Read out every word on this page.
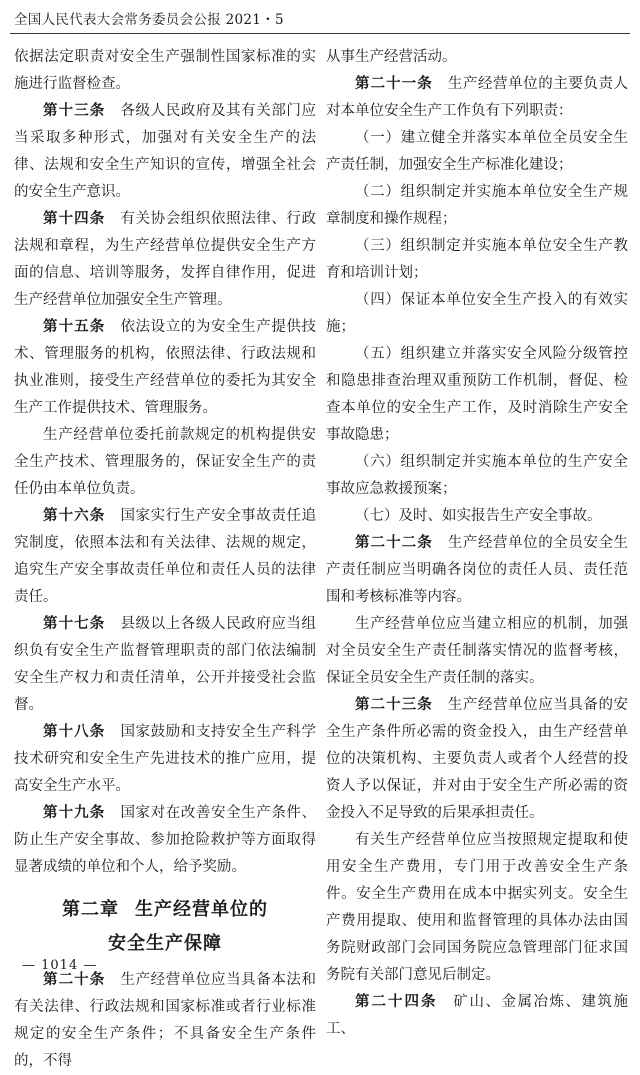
全国人民代表大会常务委员会公报 2021・5

依据法定职责对安全生产强制性国家标准的实施进行监督检查。

第十三条　 各级人民政府及其有关部门应当采取多种形式，加强对有关安全生产的法律、法规和安全生产知识的宣传，增强全社会的安全生产意识。

第十四条　 有关协会组织依照法律、行政法规和章程，为生产经营单位提供安全生产方面的信息、培训等服务，发挥自律作用，促进生产经营单位加强安全生产管理。

第十五条　 依法设立的为安全生产提供技术、管理服务的机构，依照法律、行政法规和执业准则，接受生产经营单位的委托为其安全生产工作提供技术、管理服务。

生产经营单位委托前款规定的机构提供安全生产技术、管理服务的，保证安全生产的责任仍由本单位负责。

第十六条　 国家实行生产安全事故责任追究制度，依照本法和有关法律、法规的规定，追究生产安全事故责任单位和责任人员的法律责任。

第十七条　 县级以上各级人民政府应当组织负有安全生产监督管理职责的部门依法编制安全生产权力和责任清单，公开并接受社会监督。

第十八条　 国家鼓励和支持安全生产科学技术研究和安全生产先进技术的推广应用，提高安全生产水平。

第十九条　 国家对在改善安全生产条件、防止生产安全事故、参加抢险救护等方面取得显著成绩的单位和个人，给予奖励。

第二章 生产经营单位的
安全生产保障

第二十条　 生产经营单位应当具备本法和有关法律、行政法规和国家标准或者行业标准规定的安全生产条件；不具备安全生产条件的，不得

从事生产经营活动。

第二十一条　 生产经营单位的主要负责人对本单位安全生产工作负有下列职责：

（一）建立健全并落实本单位全员安全生产责任制，加强安全生产标准化建设；

（二）组织制定并实施本单位安全生产规章制度和操作规程；

（三）组织制定并实施本单位安全生产教育和培训计划；

（四）保证本单位安全生产投入的有效实施；

（五）组织建立并落实安全风险分级管控和隐患排查治理双重预防工作机制，督促、检查本单位的安全生产工作，及时消除生产安全事故隐患；

（六）组织制定并实施本单位的生产安全事故应急救援预案；

（七）及时、如实报告生产安全事故。

第二十二条　 生产经营单位的全员安全生产责任制应当明确各岗位的责任人员、责任范围和考核标准等内容。

生产经营单位应当建立相应的机制，加强对全员安全生产责任制落实情况的监督考核，保证全员安全生产责任制的落实。

第二十三条　 生产经营单位应当具备的安全生产条件所必需的资金投入，由生产经营单位的决策机构、主要负责人或者个人经营的投资人予以保证，并对由于安全生产所必需的资金投入不足导致的后果承担责任。

有关生产经营单位应当按照规定提取和使用安全生产费用，专门用于改善安全生产条件。安全生产费用在成本中据实列支。安全生产费用提取、使用和监督管理的具体办法由国务院财政部门会同国务院应急管理部门征求国务院有关部门意见后制定。

第二十四条　 矿山、金属冶炼、建筑施工、

— 1014 —
